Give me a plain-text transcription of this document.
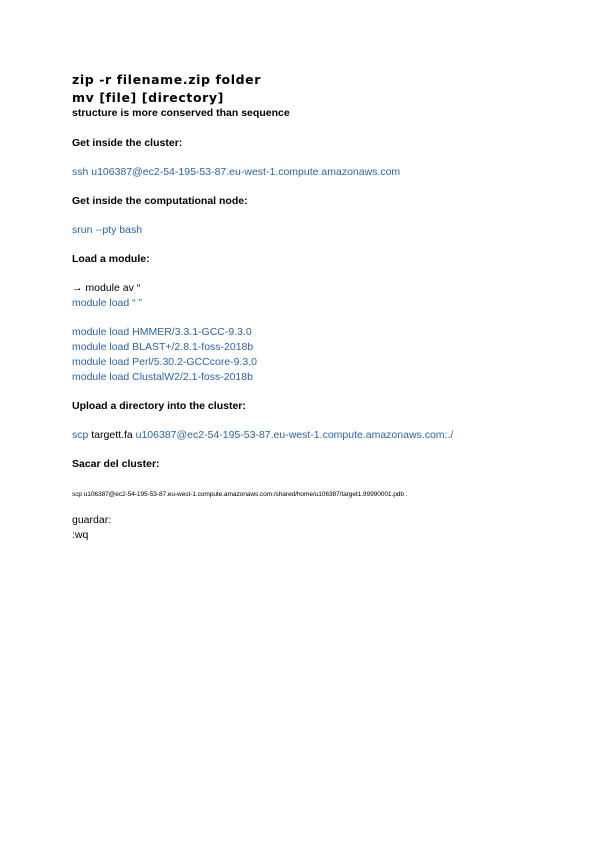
zip -r filename.zip folder
mv [file] [directory]
structure is more conserved than sequence
Get inside the cluster:
ssh u106387@ec2-54-195-53-87.eu-west-1.compute.amazonaws.com
Get inside the computational node:
srun --pty bash
Load a module:
→ module av “
module load “ ”
module load HMMER/3.3.1-GCC-9.3.0
module load BLAST+/2.8.1-foss-2018b
module load Perl/5.30.2-GCCcore-9.3.0
module load ClustalW2/2.1-foss-2018b
Upload a directory into the cluster:
scp targett.fa u106387@ec2-54-195-53-87.eu-west-1.compute.amazonaws.com:./
Sacar del cluster:
scp u106387@ec2-54-195-53-87.eu-west-1.compute.amazonaws.com:/shared/home/u106387/target1.99990001.pdb .
guardar:
:wq
